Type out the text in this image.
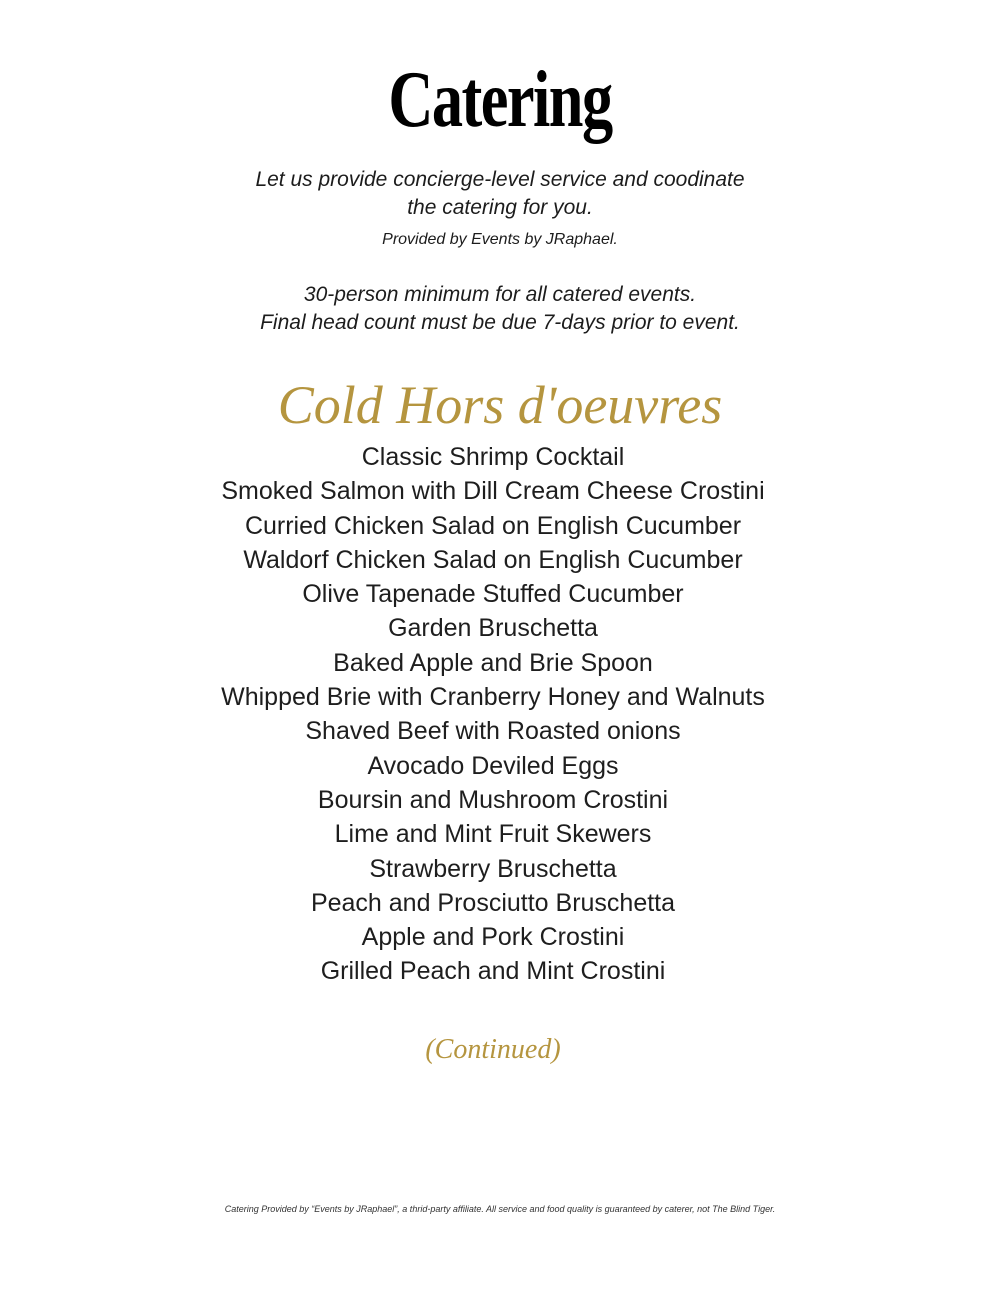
Catering

Let us provide concierge-level service and coodinate

the catering for you.

Provided by Events by JRaphael.

30-person minimum for all catered events.

Final head count must be due 7-days prior to event.

Cold Hors d'oeuvres
Classic Shrimp Cocktail
Smoked Salmon with Dill Cream Cheese Crostini
Curried Chicken Salad on English Cucumber
Waldorf Chicken Salad on English Cucumber
Olive Tapenade Stuffed Cucumber
Garden Bruschetta
Baked Apple and Brie Spoon
Whipped Brie with Cranberry Honey and Walnuts
Shaved Beef with Roasted onions
Avocado Deviled Eggs
Boursin and Mushroom Crostini
Lime and Mint Fruit Skewers
Strawberry Bruschetta
Peach and Prosciutto Bruschetta
Apple and Pork Crostini
Grilled Peach and Mint Crostini
(Continued)
Catering Provided by “Events by JRaphael”, a thrid-party affiliate. All service and food quality is guaranteed by caterer, not The Blind Tiger.
